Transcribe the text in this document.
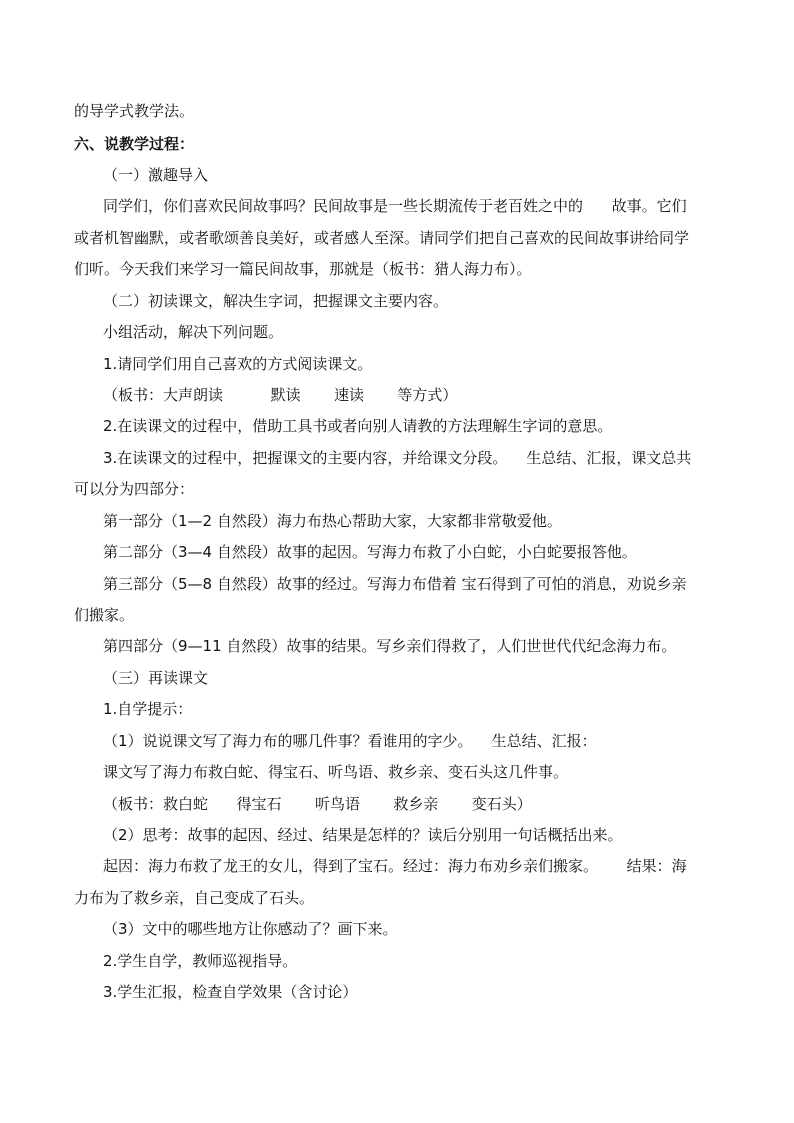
的导学式教学法。
六、说教学过程：
（一）激趣导入
同学们，你们喜欢民间故事吗？民间故事是一些长期流传于老百姓之中的      故事。它们
或者机智幽默，或者歌颂善良美好，或者感人至深。请同学们把自己喜欢的民间故事讲给同学
们听。今天我们来学习一篇民间故事，那就是（板书：猎人海力布）。
（二）初读课文，解决生字词，把握课文主要内容。
小组活动，解决下列问题。
1.请同学们用自己喜欢的方式阅读课文。
（板书：大声朗读          默读       速读       等方式）
2.在读课文的过程中，借助工具书或者向别人请教的方法理解生字词的意思。
3.在读课文的过程中，把握课文的主要内容，并给课文分段。    生总结、汇报，课文总共
可以分为四部分：
第一部分（1—2 自然段）海力布热心帮助大家，大家都非常敬爱他。
第二部分（3—4 自然段）故事的起因。写海力布救了小白蛇，小白蛇要报答他。
第三部分（5—8 自然段）故事的经过。写海力布借着 宝石得到了可怕的消息，劝说乡亲
们搬家。
第四部分（9—11 自然段）故事的结果。写乡亲们得救了，人们世世代代纪念海力布。
（三）再读课文
1.自学提示：
（1）说说课文写了海力布的哪几件事？看谁用的字少。    生总结、汇报：
课文写了海力布救白蛇、得宝石、听鸟语、救乡亲、变石头这几件事。
（板书：救白蛇      得宝石       听鸟语       救乡亲       变石头）
（2）思考：故事的起因、经过、结果是怎样的？读后分别用一句话概括出来。
起因：海力布救了龙王的女儿，得到了宝石。经过：海力布劝乡亲们搬家。      结果：海
力布为了救乡亲，自己变成了石头。
（3）文中的哪些地方让你感动了？画下来。
2.学生自学，教师巡视指导。
3.学生汇报，检查自学效果（含讨论）
